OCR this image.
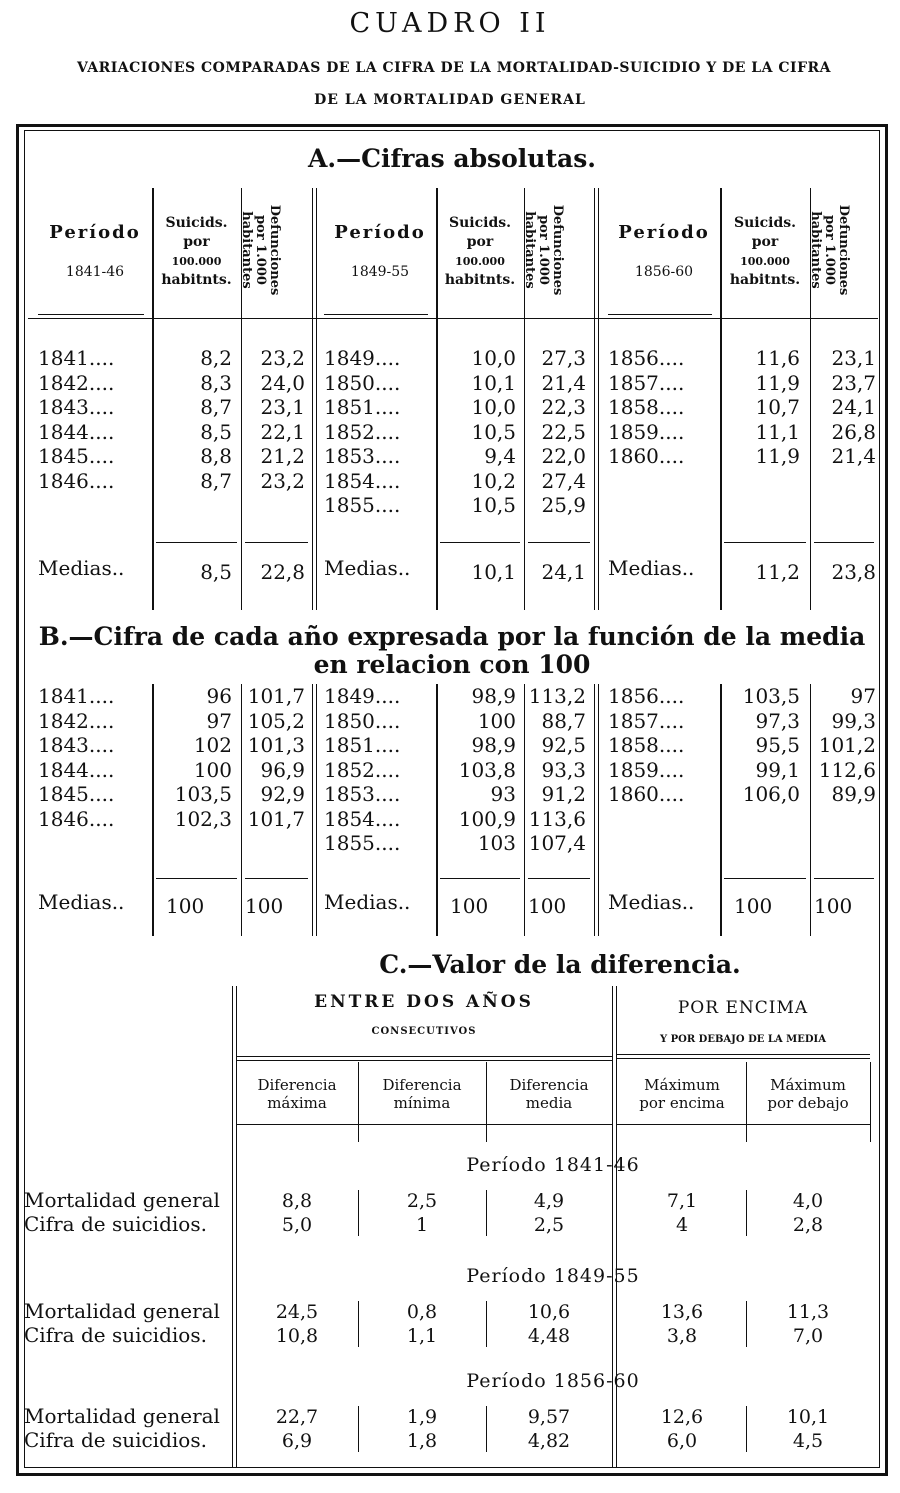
CUADRO II
VARIACIONES COMPARADAS DE LA CIFRA DE LA MORTALIDAD-SUICIDIO Y DE LA CIFRA
DE LA MORTALIDAD GENERAL
A.—Cifras absolutas.
B.—Cifra de cada año expresada por la función de la media
en relacion con 100
C.—Valor de la diferencia.
Período
1841-46
Suicids.
por
100.000
habitnts.	Defunciones
por 1.000
habitantes	Período
1849-55
Suicids.
por
100.000
habitnts.	Defunciones
por 1.000
habitantes	Período
1856-60
Suicids.
por
100.000
habitnts.	Defunciones
por 1.000
habitantes
1841....	8,2	23,2
1842....	8,3	24,0
1843....	8,7	23,1
1844....	8,5	22,1
1845....	8,8	21,2
1846....	8,7	23,2
Medias..	8,5	22,8
1849....	10,0	27,3
1850....	10,1	21,4
1851....	10,0	22,3
1852....	10,5	22,5
1853....	9,4	22,0
1854....	10,2	27,4
1855....	10,5	25,9
Medias..	10,1	24,1
1856....	11,6	23,1
1857....	11,9	23,7
1858....	10,7	24,1
1859....	11,1	26,8
1860....	11,9	21,4
Medias..	11,2	23,8
1841....	96 101,7
1842....	97 105,2
1843....	102 101,3
1844....	100	96,9
1845....	103,5	92,9
1846....	102,3 101,7
Medias.. 100 100
1849....	98,9 113,2
1850....	100	88,7
1851....	98,9	92,5
1852....	103,8	93,3
1853....	93	91,2
1854....	100,9 113,6
1855....	103 107,4
Medias.. 100 100
1856....	103,5	97
1857....	97,3	99,3
1858....	95,5 101,2
1859....	99,1 112,6
1860....	106,0	89,9
Medias.. 100 100
ENTRE DOS AÑOS
CONSECUTIVOS
POR ENCIMA
Y POR DEBAJO DE LA MEDIA
Diferencia
máxima
Diferencia
mínima
Diferencia
media
Máximum
por encima
Máximum
por debajo
Período 1841-46
Mortalidad general	8,8	2,5	4,9	7,1	4,0
Cifra de suicidios.	5,0	1	2,5	4	2,8
Período 1849-55
Mortalidad general	24,5	0,8	10,6	13,6	11,3
Cifra de suicidios.	10,8	1,1	4,48	3,8	7,0
Período 1856-60
Mortalidad general	22,7	1,9	9,57	12,6	10,1
Cifra de suicidios.	6,9	1,8	4,82	6,0	4,5
